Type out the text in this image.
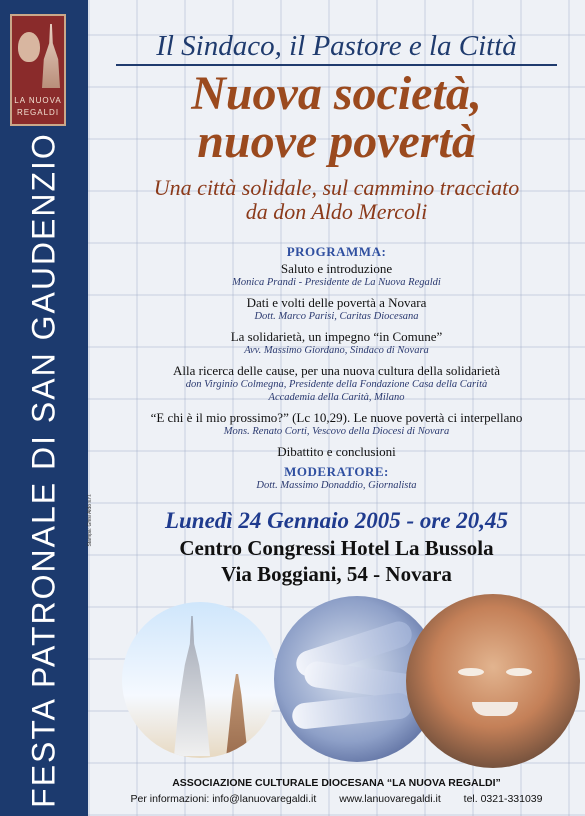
LA NUOVA
REGALDI
FESTA PATRONALE DI SAN GAUDENZIO
Il Sindaco, il Pastore e la Città
Nuova società,
nuove povertà
Una città solidale, sul cammino tracciato
da don Aldo Mercoli
PROGRAMMA:
Saluto e introduzione
Monica Prandi - Presidente de La Nuova Regaldi
Dati e volti delle povertà a Novara
Dott. Marco Parisi, Caritas Diocesana
La solidarietà, un impegno “in Comune”
Avv. Massimo Giordano, Sindaco di Novara
Alla ricerca delle cause, per una nuova cultura della solidarietà
don Virginio Colmegna, Presidente della Fondazione Casa della Carità
Accademia della Carità, Milano
“E chi è il mio prossimo?” (Lc 10,29). Le nuove povertà ci interpellano
Mons. Renato Corti, Vescovo della Diocesi di Novara
Dibattito e conclusioni
MODERATORE:
Dott. Massimo Donaddio, Giornalista
Lunedì 24 Gennaio 2005 - ore 20,45
Centro Congressi Hotel La Bussola
Via Boggiani, 54 - Novara
ASSOCIAZIONE CULTURALE DIOCESANA “LA NUOVA REGALDI”
Per informazioni: info@lanuovaregaldi.it www.lanuovaregaldi.it tel. 0321-331039
Stampa: Ghisi Aldo s.r.l.
